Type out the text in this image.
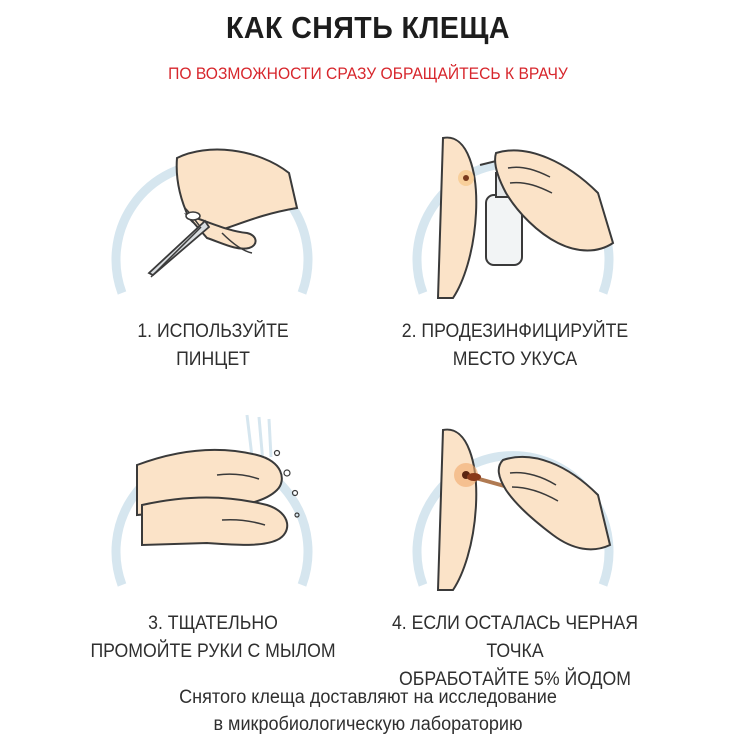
КАК СНЯТЬ КЛЕЩА
ПО ВОЗМОЖНОСТИ СРАЗУ ОБРАЩАЙТЕСЬ К ВРАЧУ
1. ИСПОЛЬЗУЙТЕ
ПИНЦЕТ
2. ПРОДЕЗИНФИЦИРУЙТЕ
МЕСТО УКУСА
3. ТЩАТЕЛЬНО
ПРОМОЙТЕ РУКИ С МЫЛОМ
4. ЕСЛИ ОСТАЛАСЬ ЧЕРНАЯ ТОЧКА
ОБРАБОТАЙТЕ 5% ЙОДОМ
Снятого клеща доставляют на исследование
в микробиологическую лабораторию
